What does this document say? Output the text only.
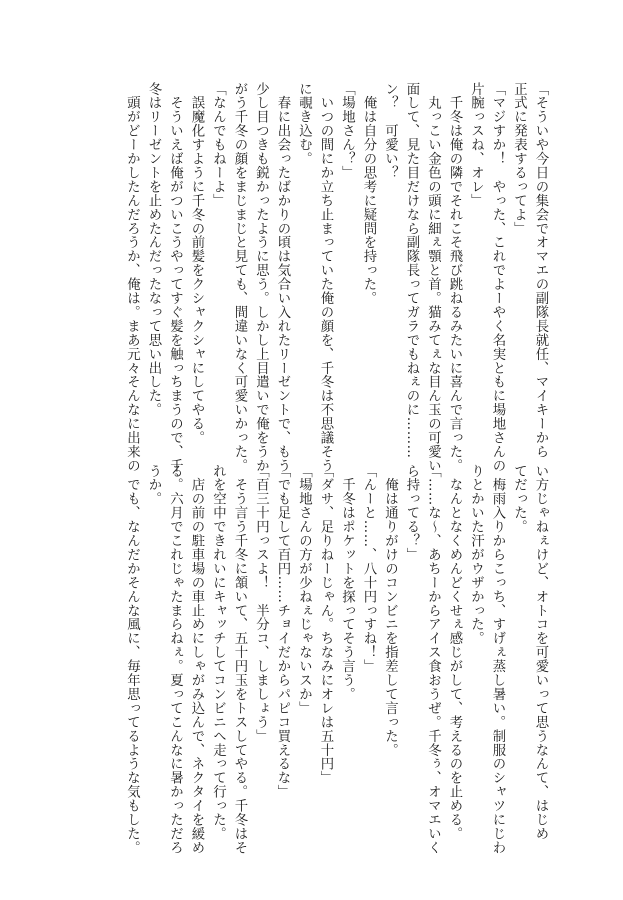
「そういや今日の集会でオマエの副隊長就任、マイキーから

正式に発表するってよ」

「マジすか！　やった、これでよーやく名実ともに場地さんの

片腕っスね、オレ」

　千冬は俺の隣でそれこそ飛び跳ねるみたいに喜んで言った。

　丸っこい金色の頭に細ぇ顎と首。猫みてぇな目ん玉の可愛い

面して、見た目だけなら副隊長ってガラでもねぇのに………

ン？　可愛い？

　俺は自分の思考に疑問を持った。

「場地さん？」

　いつの間にか立ち止まっていた俺の顔を、千冬は不思議そう

に覗き込む。

　春に出会ったばかりの頃は気合い入れたリーゼントで、もう

少し目つきも鋭かったように思う。しかし上目遣いで俺をうか

がう千冬の顔をまじまじと見ても、間違いなく可愛いかった。

「なんでもねーよ」

　誤魔化すように千冬の前髪をクシャクシャにしてやる。

　そういえば俺がついこうやってすぐ髪を触っちまうので、千

冬はリーゼントを止めたんだったなって思い出した。

　頭がどーかしたんだろうか、俺は。まあ元々そんなに出来の

い方じゃねぇけど、オトコを可愛いって思うなんて、はじめ

てだった。

　梅雨入りからこっち、すげぇ蒸し暑い。制服のシャツにじわ

りとかいた汗がウザかった。

　なんとなくめんどくせぇ感じがして、考えるのを止める。

「……な～、あちーからアイス食おうぜ。千冬ぅ、オマエいく

ら持ってる？」

　俺は通りがけのコンビニを指差して言った。

「んーと……、八十円っすね！」

　千冬はポケットを探ってそう言う。

「ダサ、足りねーじゃん。ちなみにオレは五十円」

「場地さんの方が少ねぇじゃないスか」

「でも足して百円……チョイだからパピコ買えるな」

「百三十円っスよ！　半分コ、しましょう」

　そう言う千冬に頷いて、五十円玉をトスしてやる。千冬はそ

れを空中できれいにキャッチしてコンビニへ走って行った。

　店の前の駐車場の車止めにしゃがみ込んで、ネクタイを緩め

る。六月でこれじゃたまらねぇ。夏ってこんなに暑かっただろ

うか。

　でも、なんだかそんな風に、毎年思ってるような気もした。
